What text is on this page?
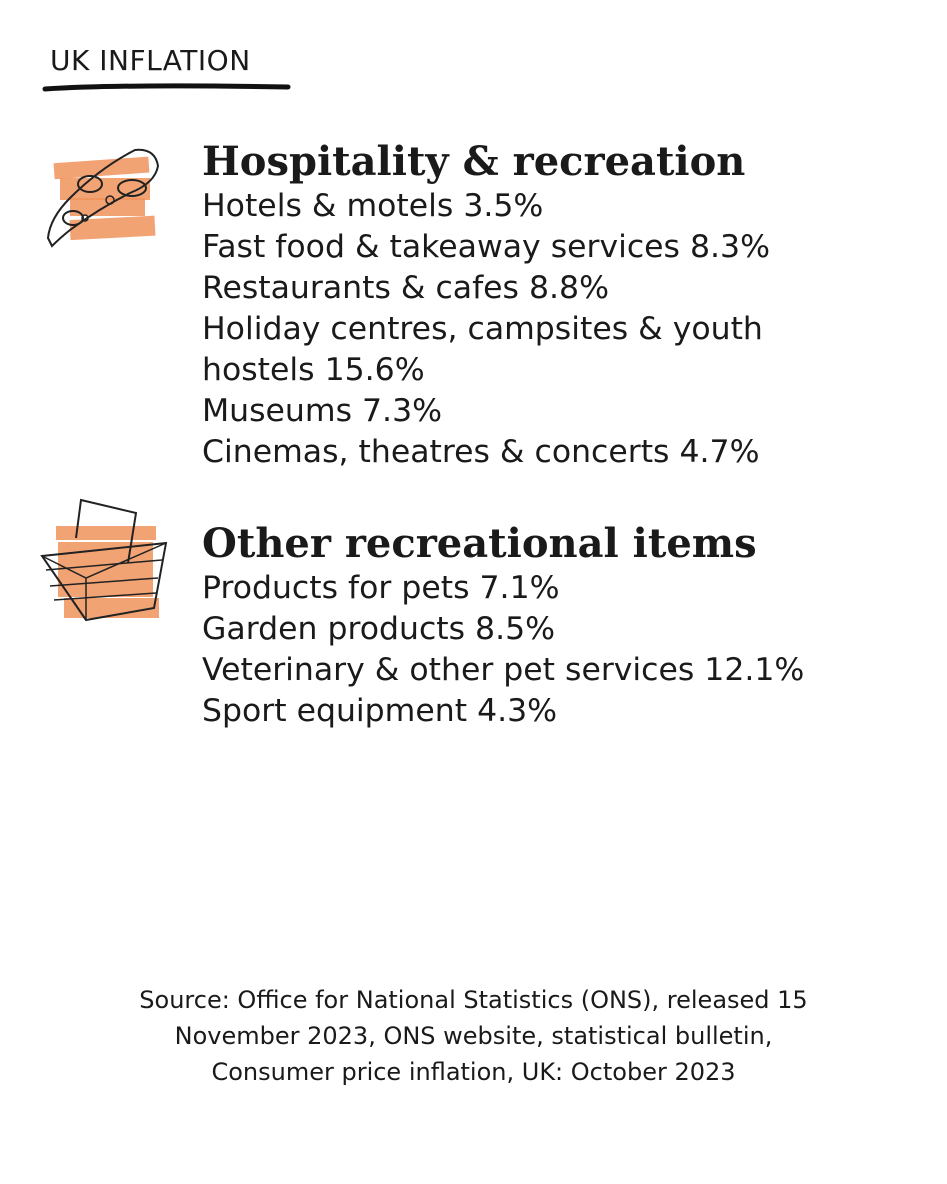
UK INFLATION
Hospitality & recreation
Hotels & motels 3.5%
Fast food & takeaway services 8.3%
Restaurants & cafes 8.8%
Holiday centres, campsites & youth hostels 15.6%
Museums 7.3%
Cinemas, theatres & concerts 4.7%
Other recreational items
Products for pets 7.1%
Garden products 8.5%
Veterinary & other pet services 12.1%
Sport equipment 4.3%
Source: Office for National Statistics (ONS), released 15
November 2023, ONS website, statistical bulletin,
Consumer price inflation, UK: October 2023
